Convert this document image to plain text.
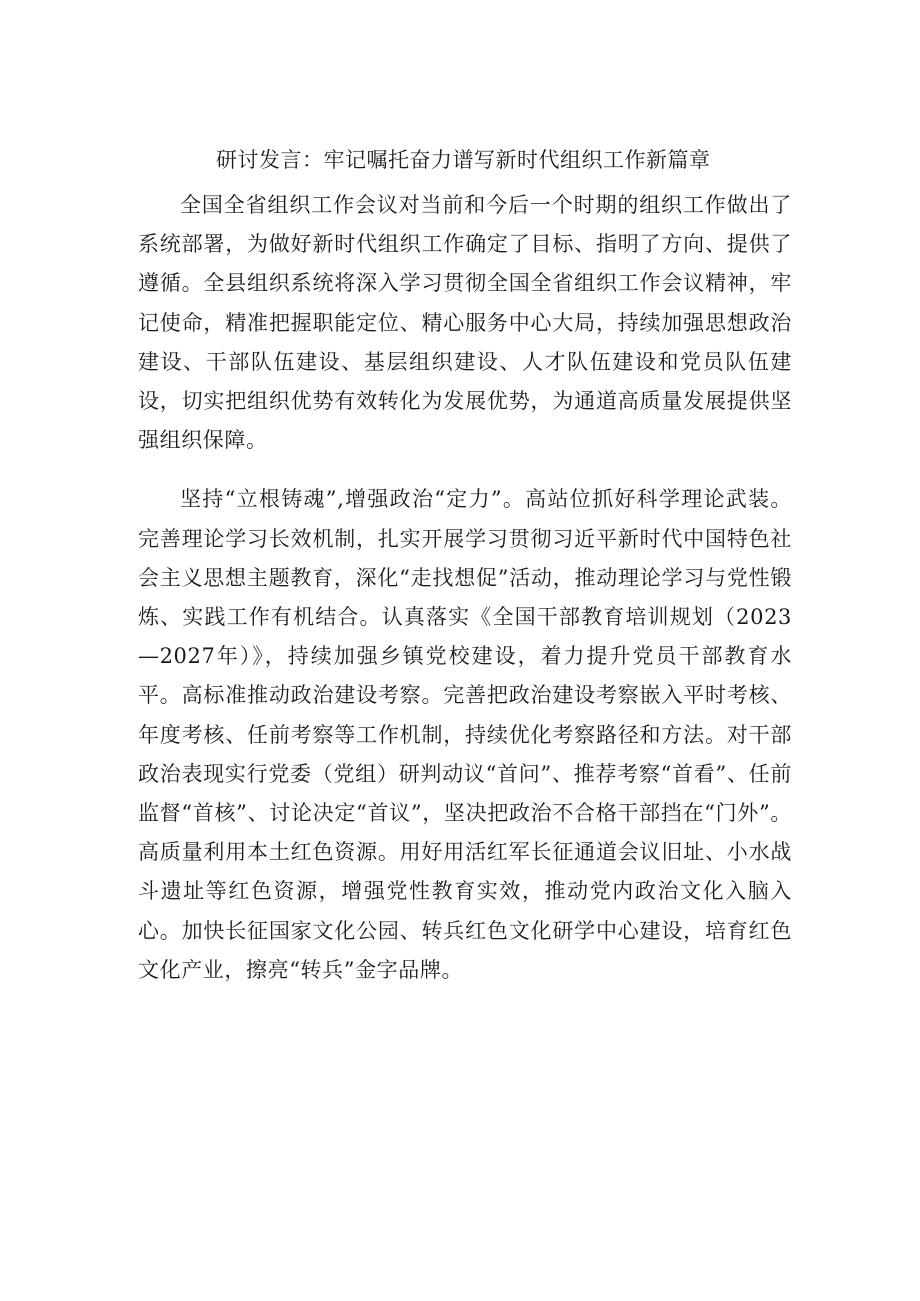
研讨发言：牢记嘱托奋力谱写新时代组织工作新篇章

全国全省组织工作会议对当前和今后一个时期的组织工作做出了系统部署，为做好新时代组织工作确定了目标、指明了方向、提供了遵循。全县组织系统将深入学习贯彻全国全省组织工作会议精神，牢记使命，精准把握职能定位、精心服务中心大局，持续加强思想政治建设、干部队伍建设、基层组织建设、人才队伍建设和党员队伍建设，切实把组织优势有效转化为发展优势，为通道高质量发展提供坚强组织保障。

坚持“立根铸魂”,增强政治“定力”。高站位抓好科学理论武装。完善理论学习长效机制，扎实开展学习贯彻习近平新时代中国特色社会主义思想主题教育，深化“走找想促”活动，推动理论学习与党性锻炼、实践工作有机结合。认真落实《全国干部教育培训规划（2023—2027年）》，持续加强乡镇党校建设，着力提升党员干部教育水平。高标准推动政治建设考察。完善把政治建设考察嵌入平时考核、年度考核、任前考察等工作机制，持续优化考察路径和方法。对干部政治表现实行党委（党组）研判动议“首问”、推荐考察“首看”、任前监督“首核”、讨论决定“首议”，坚决把政治不合格干部挡在“门外”。高质量利用本土红色资源。用好用活红军长征通道会议旧址、小水战斗遗址等红色资源，增强党性教育实效，推动党内政治文化入脑入心。加快长征国家文化公园、转兵红色文化研学中心建设，培育红色文化产业，擦亮“转兵”金字品牌。
